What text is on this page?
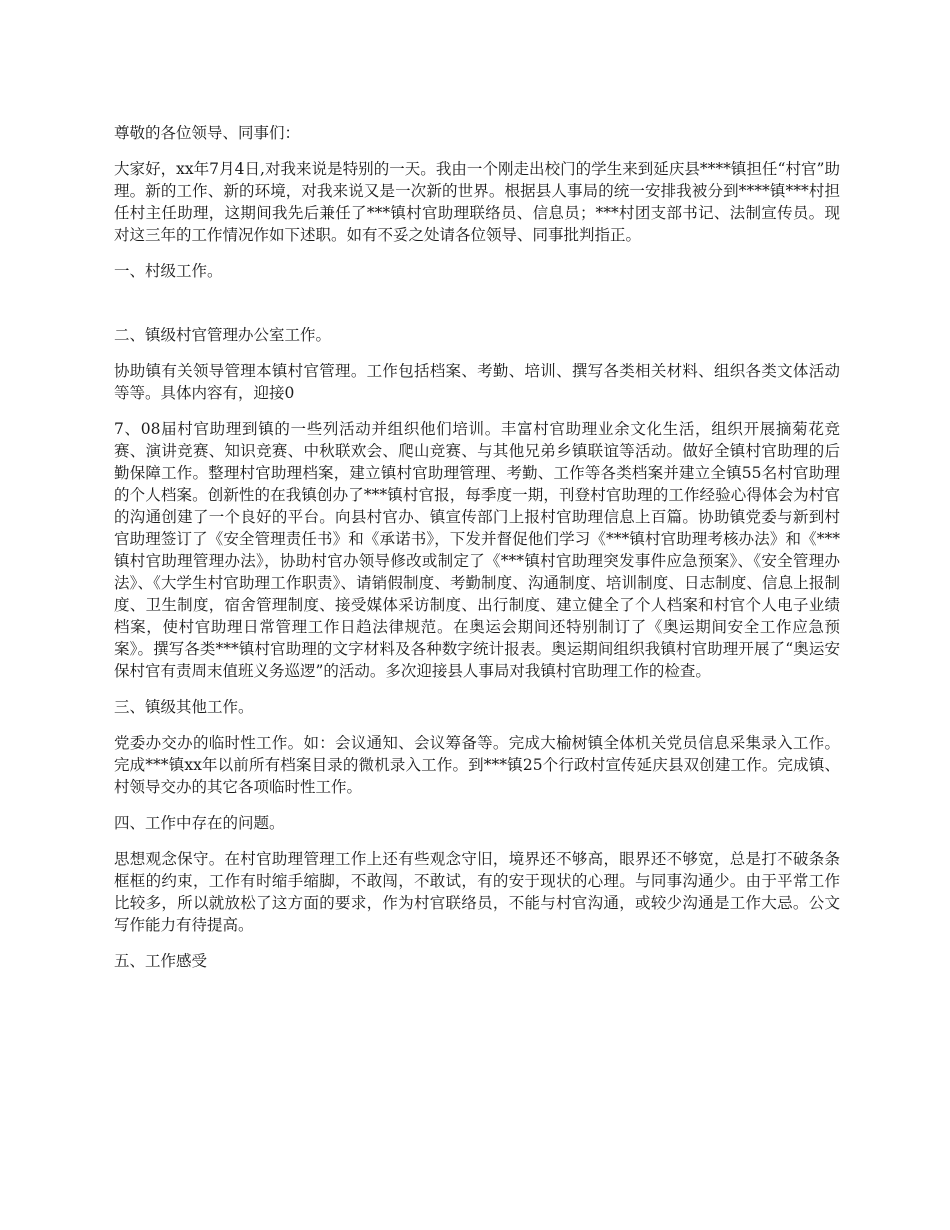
尊敬的各位领导、同事们：

大家好，xx年7月4日,对我来说是特别的一天。我由一个刚走出校门的学生来到延庆县****镇担任“村官”助理。新的工作、新的环境，对我来说又是一次新的世界。根据县人事局的统一安排我被分到****镇***村担任村主任助理，这期间我先后兼任了***镇村官助理联络员、信息员；***村团支部书记、法制宣传员。现对这三年的工作情况作如下述职。如有不妥之处请各位领导、同事批判指正。

一、村级工作。

二、镇级村官管理办公室工作。

协助镇有关领导管理本镇村官管理。工作包括档案、考勤、培训、撰写各类相关材料、组织各类文体活动等等。具体内容有，迎接0

7、08届村官助理到镇的一些列活动并组织他们培训。丰富村官助理业余文化生活，组织开展摘菊花竞赛、演讲竞赛、知识竞赛、中秋联欢会、爬山竞赛、与其他兄弟乡镇联谊等活动。做好全镇村官助理的后勤保障工作。整理村官助理档案，建立镇村官助理管理、考勤、工作等各类档案并建立全镇55名村官助理的个人档案。创新性的在我镇创办了***镇村官报，每季度一期，刊登村官助理的工作经验心得体会为村官的沟通创建了一个良好的平台。向县村官办、镇宣传部门上报村官助理信息上百篇。协助镇党委与新到村官助理签订了《安全管理责任书》和《承诺书》，下发并督促他们学习《***镇村官助理考核办法》和《***镇村官助理管理办法》，协助村官办领导修改或制定了《***镇村官助理突发事件应急预案》、《安全管理办法》、《大学生村官助理工作职责》、请销假制度、考勤制度、沟通制度、培训制度、日志制度、信息上报制度、卫生制度，宿舍管理制度、接受媒体采访制度、出行制度、建立健全了个人档案和村官个人电子业绩档案，使村官助理日常管理工作日趋法律规范。在奥运会期间还特别制订了《奥运期间安全工作应急预案》。撰写各类***镇村官助理的文字材料及各种数字统计报表。奥运期间组织我镇村官助理开展了“奥运安保村官有责周末值班义务巡逻”的活动。多次迎接县人事局对我镇村官助理工作的检查。

三、镇级其他工作。

党委办交办的临时性工作。如：会议通知、会议筹备等。完成大榆树镇全体机关党员信息采集录入工作。完成***镇xx年以前所有档案目录的微机录入工作。到***镇25个行政村宣传延庆县双创建工作。完成镇、村领导交办的其它各项临时性工作。

四、工作中存在的问题。

思想观念保守。在村官助理管理工作上还有些观念守旧，境界还不够高，眼界还不够宽，总是打不破条条框框的约束，工作有时缩手缩脚，不敢闯，不敢试，有的安于现状的心理。与同事沟通少。由于平常工作比较多，所以就放松了这方面的要求，作为村官联络员，不能与村官沟通，或较少沟通是工作大忌。公文写作能力有待提高。

五、工作感受
